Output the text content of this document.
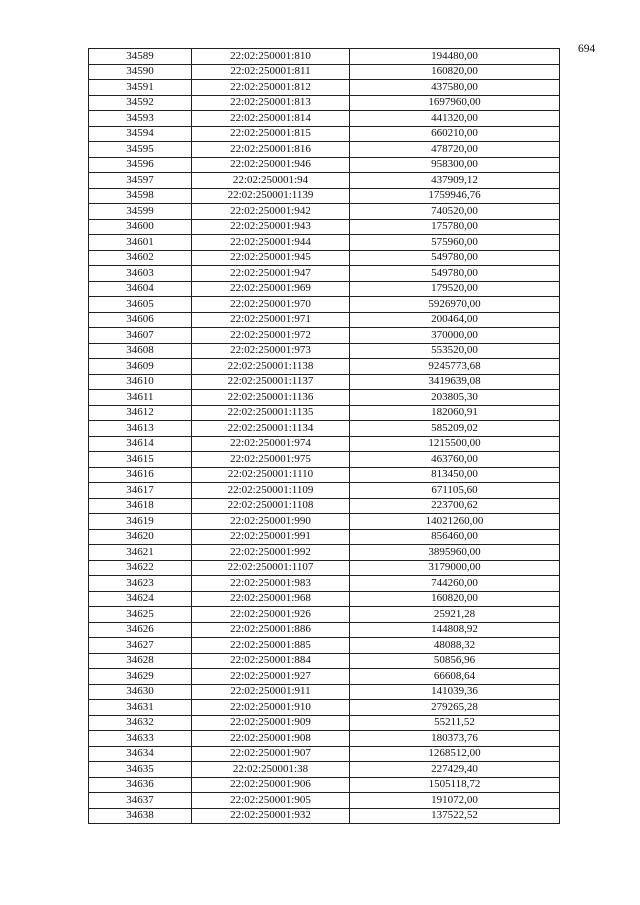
694
34589	22:02:250001:810	194480,00
34590	22:02:250001:811	160820,00
34591	22:02:250001:812	437580,00
34592	22:02:250001:813	1697960,00
34593	22:02:250001:814	441320,00
34594	22:02:250001:815	660210,00
34595	22:02:250001:816	478720,00
34596	22:02:250001:946	958300,00
34597	22:02:250001:94	437909,12
34598	22:02:250001:1139	1759946,76
34599	22:02:250001:942	740520,00
34600	22:02:250001:943	175780,00
34601	22:02:250001:944	575960,00
34602	22:02:250001:945	549780,00
34603	22:02:250001:947	549780,00
34604	22:02:250001:969	179520,00
34605	22:02:250001:970	5926970,00
34606	22:02:250001:971	200464,00
34607	22:02:250001:972	370000,00
34608	22:02:250001:973	553520,00
34609	22:02:250001:1138	9245773,68
34610	22:02:250001:1137	3419639,08
34611	22:02:250001:1136	203805,30
34612	22:02:250001:1135	182060,91
34613	22:02:250001:1134	585209,02
34614	22:02:250001:974	1215500,00
34615	22:02:250001:975	463760,00
34616	22:02:250001:1110	813450,00
34617	22:02:250001:1109	671105,60
34618	22:02:250001:1108	223700,62
34619	22:02:250001:990	14021260,00
34620	22:02:250001:991	856460,00
34621	22:02:250001:992	3895960,00
34622	22:02:250001:1107	3179000,00
34623	22:02:250001:983	744260,00
34624	22:02:250001:968	160820,00
34625	22:02:250001:926	25921,28
34626	22:02:250001:886	144808,92
34627	22:02:250001:885	48088,32
34628	22:02:250001:884	50856,96
34629	22:02:250001:927	66608,64
34630	22:02:250001:911	141039,36
34631	22:02:250001:910	279265,28
34632	22:02:250001:909	55211,52
34633	22:02:250001:908	180373,76
34634	22:02:250001:907	1268512,00
34635	22:02:250001:38	227429,40
34636	22:02:250001:906	1505118,72
34637	22:02:250001:905	191072,00
34638	22:02:250001:932	137522,52
